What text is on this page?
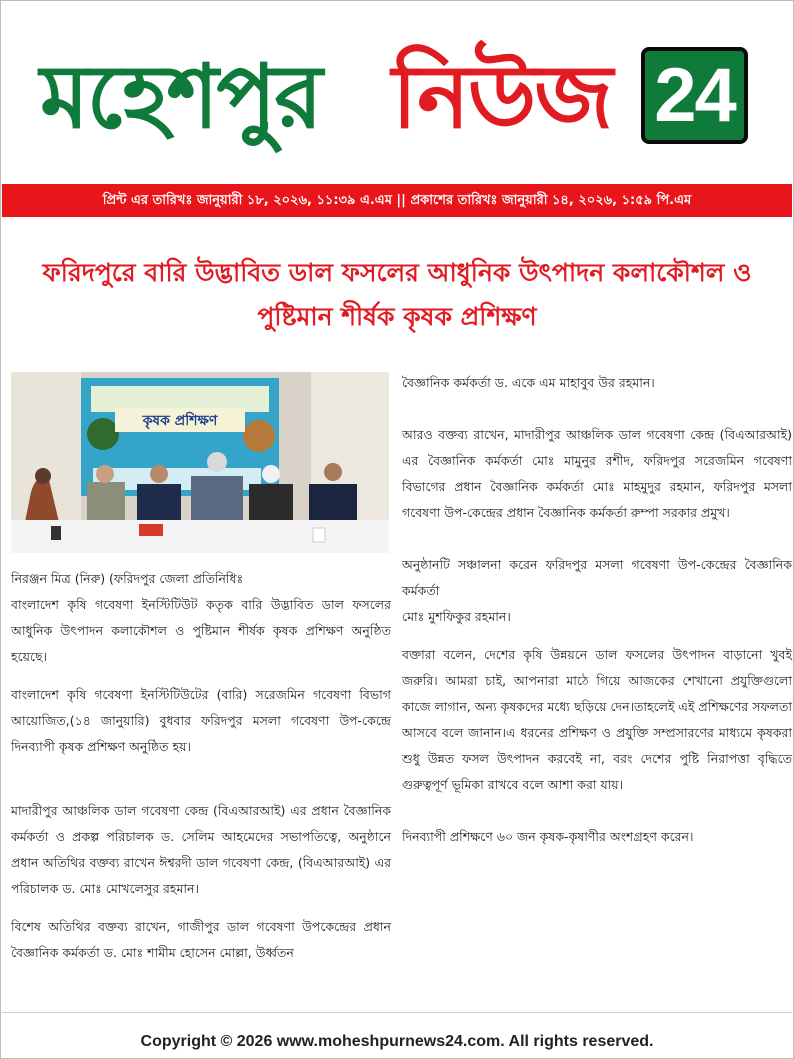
মহেশপুর নিউজ 24
প্রিন্ট এর তারিখঃ জানুয়ারী ১৮, ২০২৬, ১১:৩৯ এ.এম || প্রকাশের তারিখঃ জানুয়ারী ১৪, ২০২৬, ১:৫৯ পি.এম
ফরিদপুরে বারি উদ্ভাবিত ডাল ফসলের আধুনিক উৎপাদন কলাকৌশল ও পুষ্টিমান শীর্ষক কৃষক প্রশিক্ষণ
কৃষক প্রশিক্ষণ

নিরঞ্জন মিত্র (নিরু) (ফরিদপুর জেলা প্রতিনিধিঃ

বাংলাদেশ কৃষি গবেষণা ইনস্টিটিউট কতৃক বারি উদ্ভাবিত ডাল ফসলের আধুনিক উৎপাদন কলাকৌশল ও পুষ্টিমান শীর্ষক কৃষক প্রশিক্ষণ অনুষ্ঠিত হয়েছে।

বাংলাদেশ কৃষি গবেষণা ইনস্টিটিউটের (বারি) সরেজমিন গবেষণা বিভাগ আয়োজিত,(১৪ জানুয়ারি) বুধবার ফরিদপুর মসলা গবেষণা উপ-কেন্দ্রে দিনব্যাপী কৃষক প্রশিক্ষণ অনুষ্ঠিত হয়।

মাদারীপুর আঞ্চলিক ডাল গবেষণা কেন্দ্র (বিএআরআই) এর প্রধান বৈজ্ঞানিক কর্মকর্তা ও প্রকল্প পরিচালক ড. সেলিম আহমেদের সভাপতিত্বে, অনুষ্ঠানে প্রধান অতিথির বক্তব্য রাখেন ঈশ্বরদী ডাল গবেষণা কেন্দ্র, (বিএআরআই) এর পরিচালক ড. মোঃ মোখলেসুর রহমান।

বিশেষ অতিথির বক্তব্য রাখেন, গাজীপুর ডাল গবেষণা উপকেন্দ্রের প্রধান বৈজ্ঞানিক কর্মকর্তা ড. মোঃ শামীম হোসেন মোল্লা, উর্ধ্বতন

বৈজ্ঞানিক কর্মকর্তা ড. একে এম মাহাবুব উর রহমান।

আরও বক্তব্য রাখেন, মাদারীপুর আঞ্চলিক ডাল গবেষণা কেন্দ্র (বিএআরআই) এর বৈজ্ঞানিক কর্মকর্তা মোঃ মামুনুর রশীদ, ফরিদপুর সরেজমিন গবেষণা বিভাগের প্রধান বৈজ্ঞানিক কর্মকর্তা মোঃ মাহমুদুর রহমান, ফরিদপুর মসলা গবেষণা উপ-কেন্দ্রের প্রধান বৈজ্ঞানিক কর্মকর্তা রুম্পা সরকার প্রমুখ।

অনুষ্ঠানটি সঞ্চালনা করেন ফরিদপুর মসলা গবেষণা উপ-কেন্দ্রের বৈজ্ঞানিক কর্মকর্তা

মোঃ মুশফিকুর রহমান।

বক্তারা বলেন, দেশের কৃষি উন্নয়নে ডাল ফসলের উৎপাদন বাড়ানো খুবই জরুরি। আমরা চাই, আপনারা মাঠে গিয়ে আজকের শেখানো প্রযুক্তিগুলো কাজে লাগান, অন্য কৃষকদের মধ্যে ছড়িয়ে দেন।তাহলেই এই প্রশিক্ষণের সফলতা আসবে বলে জানান।এ ধরনের প্রশিক্ষণ ও প্রযুক্তি সম্প্রসারণের মাধ্যমে কৃষকরা শুধু উন্নত ফসল উৎপাদন করবেই না, বরং দেশের পুষ্টি নিরাপত্তা বৃদ্ধিতে গুরুত্বপূর্ণ ভূমিকা রাখবে বলে আশা করা যায়।

দিনব্যাপী প্রশিক্ষণে ৬০ জন কৃষক-কৃষাণীর অংশগ্রহণ করেন।

Copyright © 2026 www.moheshpurnews24.com. All rights reserved.
